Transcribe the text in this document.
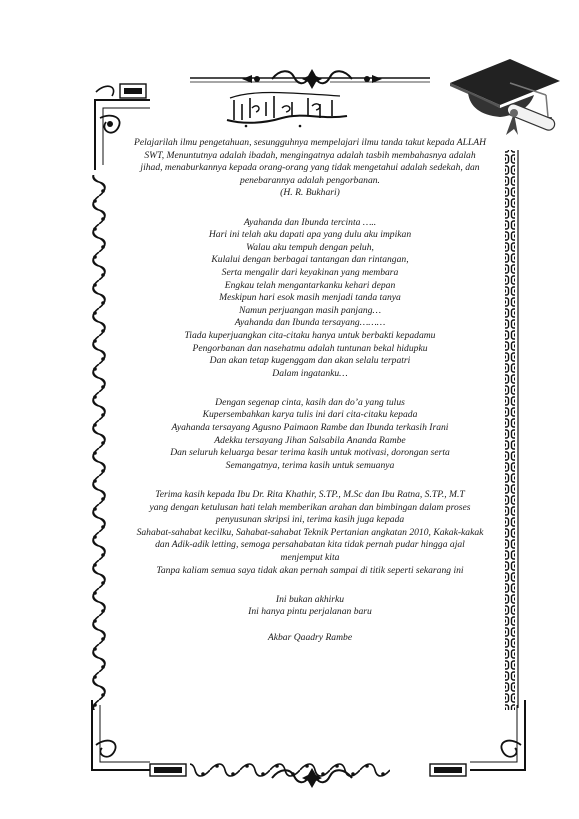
Pelajarilah ilmu pengetahuan, sesungguhnya mempelajari ilmu tanda takut kepada ALLAH
SWT, Menuntutnya adalah ibadah, mengingatnya adalah tasbih membahasnya adalah
jihad, menaburkannya kepada orang-orang yang tidak mengetahui adalah sedekah, dan
penebarannya adalah pengorbanan.
(H. R. Bukhari)
Ayahanda dan Ibunda tercinta …..
Hari ini telah aku dapati apa yang dulu aku impikan
Walau aku tempuh dengan peluh,
Kulalui dengan berbagai tantangan dan rintangan,
Serta mengalir dari keyakinan yang membara
Engkau telah mengantarkanku kehari depan
Meskipun hari esok masih menjadi tanda tanya
Namun perjuangan masih panjang…
Ayahanda dan Ibunda tersayang………
Tiada kuperjuangkan cita-citaku hanya untuk berbakti kepadamu
Pengorbanan dan nasehatmu adalah tuntunan bekal hidupku
Dan akan tetap kugenggam dan akan selalu terpatri
Dalam ingatanku…
Dengan segenap cinta, kasih dan do’a yang tulus
Kupersembahkan karya tulis ini dari cita-citaku kepada
Ayahanda tersayang Agusno Paimaon Rambe dan Ibunda terkasih Irani
Adekku tersayang Jihan Salsabila Ananda Rambe
Dan seluruh keluarga besar terima kasih untuk motivasi, dorongan serta
Semangatnya, terima kasih untuk semuanya
Terima kasih kepada Ibu Dr. Rita Khathir, S.TP., M.Sc dan Ibu Ratna, S.TP., M.T
yang dengan ketulusan hati telah memberikan arahan dan bimbingan dalam proses
penyusunan skripsi ini, terima kasih juga kepada
Sahabat-sahabat kecilku, Sahabat-sahabat Teknik Pertanian angkatan 2010, Kakak-kakak
dan Adik-adik letting, semoga persahabatan kita tidak pernah pudar hingga ajal
menjemput kita
Tanpa kaliam semua saya tidak akan pernah sampai di titik seperti sekarang ini
Ini bukan akhirku
Ini hanya pintu perjalanan baru
Akbar Qaadry Rambe
